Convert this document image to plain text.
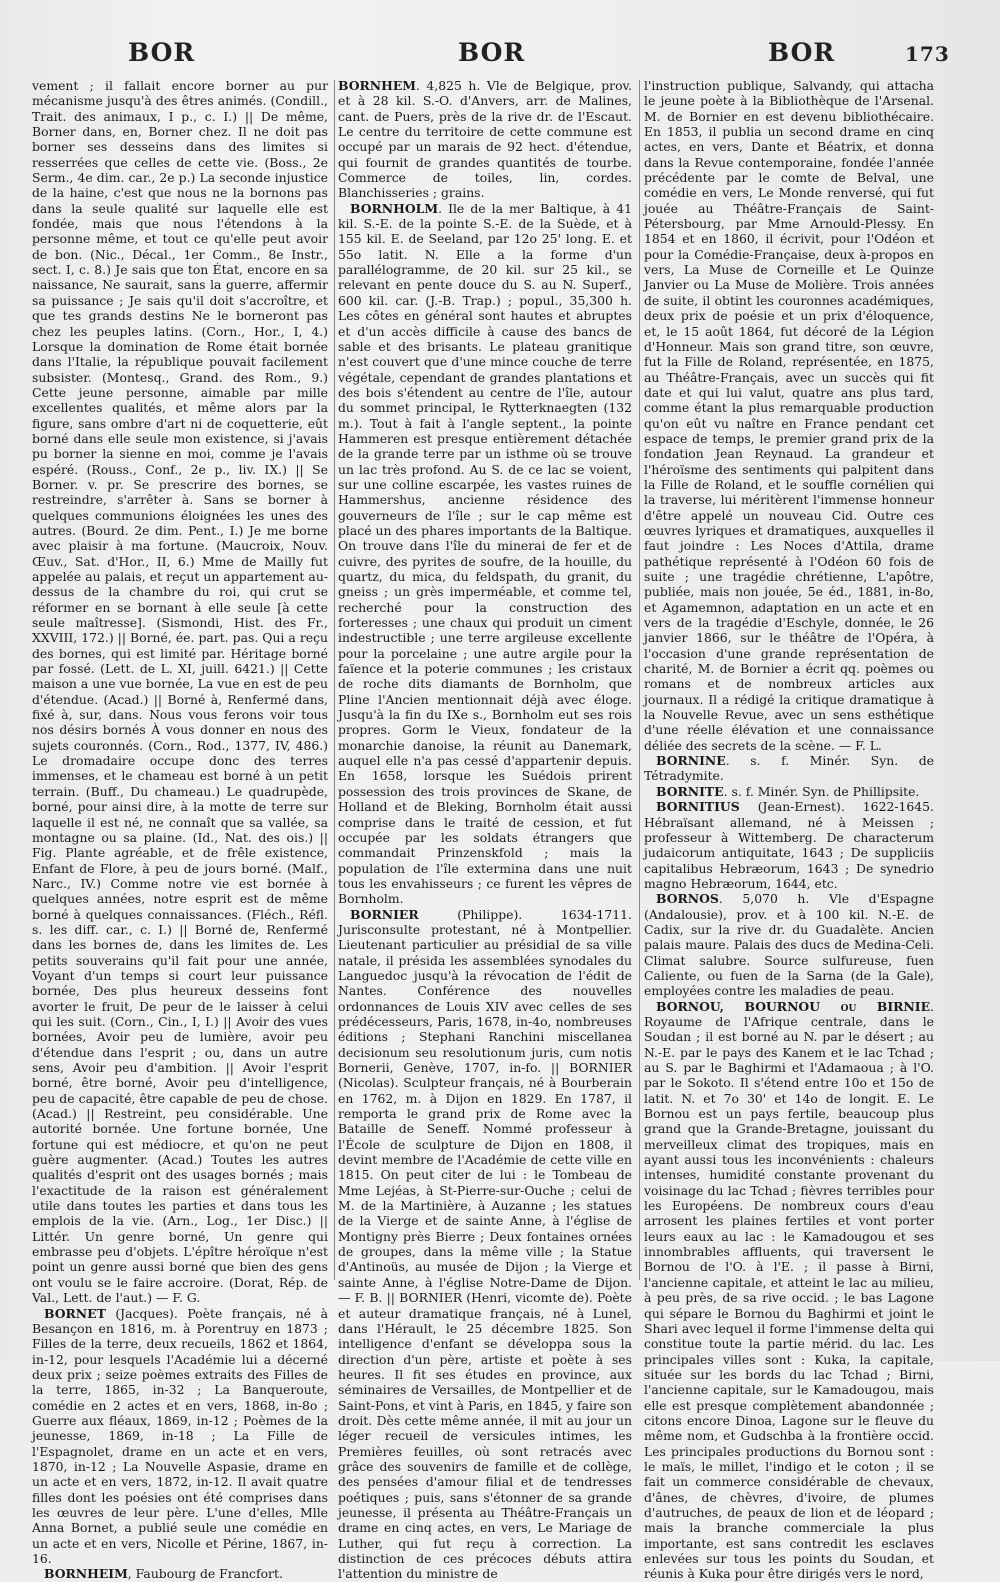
BOR	BOR	BOR	173

vement ; il fallait encore borner au pur mécanisme jusqu'à des êtres animés. (Condill., Trait. des animaux, I p., c. I.) || De même, Borner dans, en, Borner chez. Il ne doit pas borner ses desseins dans des limites si resserrées que celles de cette vie. (Boss., 2e Serm., 4e dim. car., 2e p.) La seconde injustice de la haine, c'est que nous ne la bornons pas dans la seule qualité sur laquelle elle est fondée, mais que nous l'étendons à la personne même, et tout ce qu'elle peut avoir de bon. (Nic., Décal., 1er Comm., 8e Instr., sect. I, c. 8.) Je sais que ton État, encore en sa naissance, Ne saurait, sans la guerre, affermir sa puissance ; Je sais qu'il doit s'accroître, et que tes grands destins Ne le borneront pas chez les peuples latins. (Corn., Hor., I, 4.) Lorsque la domination de Rome était bornée dans l'Italie, la république pouvait facilement subsister. (Montesq., Grand. des Rom., 9.) Cette jeune personne, aimable par mille excellentes qualités, et même alors par la figure, sans ombre d'art ni de coquetterie, eût borné dans elle seule mon existence, si j'avais pu borner la sienne en moi, comme je l'avais espéré. (Rouss., Conf., 2e p., liv. IX.) || Se Borner. v. pr. Se prescrire des bornes, se restreindre, s'arrêter à. Sans se borner à quelques communions éloignées les unes des autres. (Bourd. 2e dim. Pent., I.) Je me borne avec plaisir à ma fortune. (Maucroix, Nouv. Œuv., Sat. d'Hor., II, 6.) Mme de Mailly fut appelée au palais, et reçut un appartement au-dessus de la chambre du roi, qui crut se réformer en se bornant à elle seule [à cette seule maîtresse]. (Sismondi, Hist. des Fr., XXVIII, 172.) || Borné, ée. part. pas. Qui a reçu des bornes, qui est limité par. Héritage borné par fossé. (Lett. de L. XI, juill. 6421.) || Cette maison a une vue bornée, La vue en est de peu d'étendue. (Acad.) || Borné à, Renfermé dans, fixé à, sur, dans. Nous vous ferons voir tous nos désirs bornés À vous donner en nous des sujets couronnés. (Corn., Rod., 1377, IV, 486.) Le dromadaire occupe donc des terres immenses, et le chameau est borné à un petit terrain. (Buff., Du chameau.) Le quadrupède, borné, pour ainsi dire, à la motte de terre sur laquelle il est né, ne connaît que sa vallée, sa montagne ou sa plaine. (Id., Nat. des ois.) || Fig. Plante agréable, et de frêle existence, Enfant de Flore, à peu de jours borné. (Malf., Narc., IV.) Comme notre vie est bornée à quelques années, notre esprit est de même borné à quelques connaissances. (Fléch., Réfl. s. les diff. car., c. I.) || Borné de, Renfermé dans les bornes de, dans les limites de. Les petits souverains qu'il fait pour une année, Voyant d'un temps si court leur puissance bornée, Des plus heureux desseins font avorter le fruit, De peur de le laisser à celui qui les suit. (Corn., Cin., I, I.) || Avoir des vues bornées, Avoir peu de lumière, avoir peu d'étendue dans l'esprit ; ou, dans un autre sens, Avoir peu d'ambition. || Avoir l'esprit borné, être borné, Avoir peu d'intelligence, peu de capacité, être capable de peu de chose. (Acad.) || Restreint, peu considérable. Une autorité bornée. Une fortune bornée, Une fortune qui est médiocre, et qu'on ne peut guère augmenter. (Acad.) Toutes les autres qualités d'esprit ont des usages bornés ; mais l'exactitude de la raison est généralement utile dans toutes les parties et dans tous les emplois de la vie. (Arn., Log., 1er Disc.) || Littér. Un genre borné, Un genre qui embrasse peu d'objets. L'épître héroïque n'est point un genre aussi borné que bien des gens ont voulu se le faire accroire. (Dorat, Rép. de Val., Lett. de l'aut.) — F. G.

BORNET (Jacques). Poète français, né à Besançon en 1816, m. à Porentruy en 1873 ; Filles de la terre, deux recueils, 1862 et 1864, in-12, pour lesquels l'Académie lui a décerné deux prix ; seize poèmes extraits des Filles de la terre, 1865, in-32 ; La Banqueroute, comédie en 2 actes et en vers, 1868, in-8o ; Guerre aux fléaux, 1869, in-12 ; Poèmes de la jeunesse, 1869, in-18 ; La Fille de l'Espagnolet, drame en un acte et en vers, 1870, in-12 ; La Nouvelle Aspasie, drame en un acte et en vers, 1872, in-12. Il avait quatre filles dont les poésies ont été comprises dans les œuvres de leur père. L'une d'elles, Mlle Anna Bornet, a publié seule une comédie en un acte et en vers, Nicolle et Périne, 1867, in-16.

BORNHEIM, Faubourg de Francfort.

BORNHEM. 4,825 h. Vle de Belgique, prov. et à 28 kil. S.-O. d'Anvers, arr. de Malines, cant. de Puers, près de la rive dr. de l'Escaut. Le centre du territoire de cette commune est occupé par un marais de 92 hect. d'étendue, qui fournit de grandes quantités de tourbe. Commerce de toiles, lin, cordes. Blanchisseries ; grains.

BORNHOLM. Ile de la mer Baltique, à 41 kil. S.-E. de la pointe S.-E. de la Suède, et à 155 kil. E. de Seeland, par 12o 25' long. E. et 55o latit. N. Elle a la forme d'un parallélogramme, de 20 kil. sur 25 kil., se relevant en pente douce du S. au N. Superf., 600 kil. car. (J.-B. Trap.) ; popul., 35,300 h. Les côtes en général sont hautes et abruptes et d'un accès difficile à cause des bancs de sable et des brisants. Le plateau granitique n'est couvert que d'une mince couche de terre végétale, cependant de grandes plantations et des bois s'étendent au centre de l'île, autour du sommet principal, le Rytterknaegten (132 m.). Tout à fait à l'angle septent., la pointe Hammeren est presque entièrement détachée de la grande terre par un isthme où se trouve un lac très profond. Au S. de ce lac se voient, sur une colline escarpée, les vastes ruines de Hammershus, ancienne résidence des gouverneurs de l'île ; sur le cap même est placé un des phares importants de la Baltique. On trouve dans l'île du minerai de fer et de cuivre, des pyrites de soufre, de la houille, du quartz, du mica, du feldspath, du granit, du gneiss ; un grès imperméable, et comme tel, recherché pour la construction des forteresses ; une chaux qui produit un ciment indestructible ; une terre argileuse excellente pour la porcelaine ; une autre argile pour la faïence et la poterie communes ; les cristaux de roche dits diamants de Bornholm, que Pline l'Ancien mentionnait déjà avec éloge. Jusqu'à la fin du IXe s., Bornholm eut ses rois propres. Gorm le Vieux, fondateur de la monarchie danoise, la réunit au Danemark, auquel elle n'a pas cessé d'appartenir depuis. En 1658, lorsque les Suédois prirent possession des trois provinces de Skane, de Holland et de Bleking, Bornholm était aussi comprise dans le traité de cession, et fut occupée par les soldats étrangers que commandait Prinzenskfold ; mais la population de l'île extermina dans une nuit tous les envahisseurs ; ce furent les vêpres de Bornholm.

BORNIER (Philippe). 1634-1711. Jurisconsulte protestant, né à Montpellier. Lieutenant particulier au présidial de sa ville natale, il présida les assemblées synodales du Languedoc jusqu'à la révocation de l'édit de Nantes. Conférence des nouvelles ordonnances de Louis XIV avec celles de ses prédécesseurs, Paris, 1678, in-4o, nombreuses éditions ; Stephani Ranchini miscellanea decisionum seu resolutionum juris, cum notis Bornerii, Genève, 1707, in-fo. || BORNIER (Nicolas). Sculpteur français, né à Bourberain en 1762, m. à Dijon en 1829. En 1787, il remporta le grand prix de Rome avec la Bataille de Seneff. Nommé professeur à l'École de sculpture de Dijon en 1808, il devint membre de l'Académie de cette ville en 1815. On peut citer de lui : le Tombeau de Mme Lejéas, à St-Pierre-sur-Ouche ; celui de M. de la Martinière, à Auzanne ; les statues de la Vierge et de sainte Anne, à l'église de Montigny près Bierre ; Deux fontaines ornées de groupes, dans la même ville ; la Statue d'Antinoüs, au musée de Dijon ; la Vierge et sainte Anne, à l'église Notre-Dame de Dijon. — F. B. || BORNIER (Henri, vicomte de). Poète et auteur dramatique français, né à Lunel, dans l'Hérault, le 25 décembre 1825. Son intelligence d'enfant se développa sous la direction d'un père, artiste et poète à ses heures. Il fit ses études en province, aux séminaires de Versailles, de Montpellier et de Saint-Pons, et vint à Paris, en 1845, y faire son droit. Dès cette même année, il mit au jour un léger recueil de versicules intimes, les Premières feuilles, où sont retracés avec grâce des souvenirs de famille et de collège, des pensées d'amour filial et de tendresses poétiques ; puis, sans s'étonner de sa grande jeunesse, il présenta au Théâtre-Français un drame en cinq actes, en vers, Le Mariage de Luther, qui fut reçu à correction. La distinction de ces précoces débuts attira l'attention du ministre de

l'instruction publique, Salvandy, qui attacha le jeune poète à la Bibliothèque de l'Arsenal. M. de Bornier en est devenu bibliothécaire. En 1853, il publia un second drame en cinq actes, en vers, Dante et Béatrix, et donna dans la Revue contemporaine, fondée l'année précédente par le comte de Belval, une comédie en vers, Le Monde renversé, qui fut jouée au Théâtre-Français de Saint-Pétersbourg, par Mme Arnould-Plessy. En 1854 et en 1860, il écrivit, pour l'Odéon et pour la Comédie-Française, deux à-propos en vers, La Muse de Corneille et Le Quinze Janvier ou La Muse de Molière. Trois années de suite, il obtint les couronnes académiques, deux prix de poésie et un prix d'éloquence, et, le 15 août 1864, fut décoré de la Légion d'Honneur. Mais son grand titre, son œuvre, fut la Fille de Roland, représentée, en 1875, au Théâtre-Français, avec un succès qui fit date et qui lui valut, quatre ans plus tard, comme étant la plus remarquable production qu'on eût vu naître en France pendant cet espace de temps, le premier grand prix de la fondation Jean Reynaud. La grandeur et l'héroïsme des sentiments qui palpitent dans la Fille de Roland, et le souffle cornélien qui la traverse, lui méritèrent l'immense honneur d'être appelé un nouveau Cid. Outre ces œuvres lyriques et dramatiques, auxquelles il faut joindre : Les Noces d'Attila, drame pathétique représenté à l'Odéon 60 fois de suite ; une tragédie chrétienne, L'apôtre, publiée, mais non jouée, 5e éd., 1881, in-8o, et Agamemnon, adaptation en un acte et en vers de la tragédie d'Eschyle, donnée, le 26 janvier 1866, sur le théâtre de l'Opéra, à l'occasion d'une grande représentation de charité, M. de Bornier a écrit qq. poèmes ou romans et de nombreux articles aux journaux. Il a rédigé la critique dramatique à la Nouvelle Revue, avec un sens esthétique d'une réelle élévation et une connaissance déliée des secrets de la scène. — F. L.

BORNINE. s. f. Minér. Syn. de Tétradymite.

BORNITE. s. f. Minér. Syn. de Phillipsite.

BORNITIUS (Jean-Ernest). 1622-1645. Hébraïsant allemand, né à Meissen ; professeur à Wittemberg. De characterum judaicorum antiquitate, 1643 ; De suppliciis capitalibus Hebræorum, 1643 ; De synedrio magno Hebræorum, 1644, etc.

BORNOS. 5,070 h. Vle d'Espagne (Andalousie), prov. et à 100 kil. N.-E. de Cadix, sur la rive dr. du Guadalète. Ancien palais maure. Palais des ducs de Medina-Celi. Climat salubre. Source sulfureuse, fuen Caliente, ou fuen de la Sarna (de la Gale), employées contre les maladies de peau.

BORNOU, BOURNOU ou BIRNIE. Royaume de l'Afrique centrale, dans le Soudan ; il est borné au N. par le désert ; au N.-E. par le pays des Kanem et le lac Tchad ; au S. par le Baghirmi et l'Adamaoua ; à l'O. par le Sokoto. Il s'étend entre 10o et 15o de latit. N. et 7o 30' et 14o de longit. E. Le Bornou est un pays fertile, beaucoup plus grand que la Grande-Bretagne, jouissant du merveilleux climat des tropiques, mais en ayant aussi tous les inconvénients : chaleurs intenses, humidité constante provenant du voisinage du lac Tchad ; fièvres terribles pour les Européens. De nombreux cours d'eau arrosent les plaines fertiles et vont porter leurs eaux au lac : le Kamadougou et ses innombrables affluents, qui traversent le Bornou de l'O. à l'E. ; il passe à Birni, l'ancienne capitale, et atteint le lac au milieu, à peu près, de sa rive occid. ; le bas Lagone qui sépare le Bornou du Baghirmi et joint le Shari avec lequel il forme l'immense delta qui constitue toute la partie mérid. du lac. Les principales villes sont : Kuka, la capitale, située sur les bords du lac Tchad ; Birni, l'ancienne capitale, sur le Kamadougou, mais elle est presque complètement abandonnée ; citons encore Dinoa, Lagone sur le fleuve du même nom, et Gudschba à la frontière occid. Les principales productions du Bornou sont : le maïs, le millet, l'indigo et le coton ; il se fait un commerce considérable de chevaux, d'ânes, de chèvres, d'ivoire, de plumes d'autruches, de peaux de lion et de léopard ; mais la branche commerciale la plus importante, est sans contredit les esclaves enlevées sur tous les points du Soudan, et réunis à Kuka pour être dirigés vers le nord,
